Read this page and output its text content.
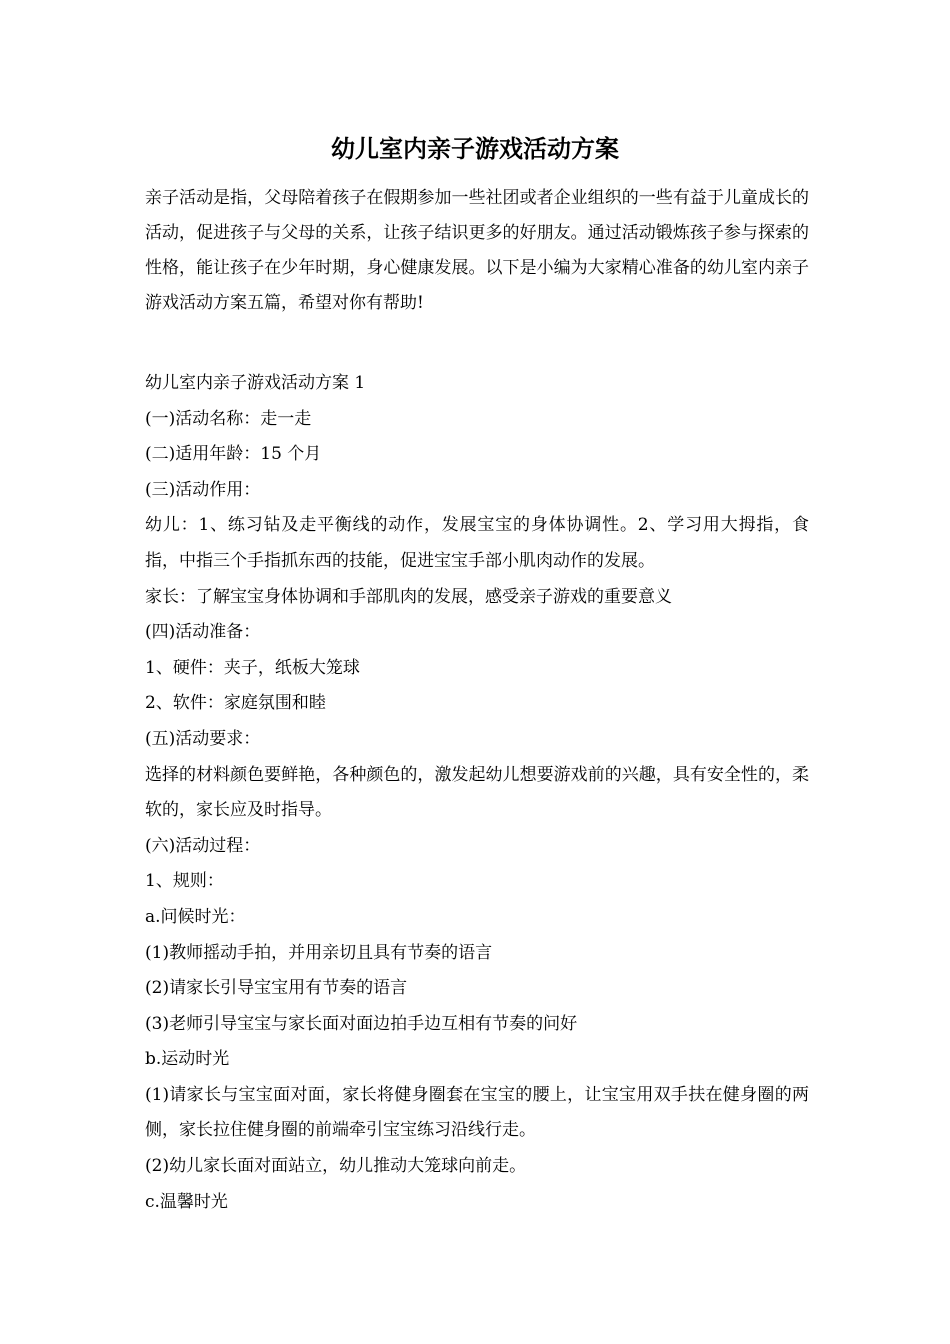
幼儿室内亲子游戏活动方案

亲子活动是指，父母陪着孩子在假期参加一些社团或者企业组织的一些有益于儿童成长的活动，促进孩子与父母的关系，让孩子结识更多的好朋友。通过活动锻炼孩子参与探索的性格，能让孩子在少年时期，身心健康发展。以下是小编为大家精心准备的幼儿室内亲子游戏活动方案五篇，希望对你有帮助!

幼儿室内亲子游戏活动方案 1

(一)活动名称：走一走

(二)适用年龄：15 个月

(三)活动作用：

幼儿：1、练习钻及走平衡线的动作，发展宝宝的身体协调性。2、学习用大拇指，食指，中指三个手指抓东西的技能，促进宝宝手部小肌肉动作的发展。

家长：了解宝宝身体协调和手部肌肉的发展，感受亲子游戏的重要意义

(四)活动准备：

1、硬件：夹子，纸板大笼球

2、软件：家庭氛围和睦

(五)活动要求：

选择的材料颜色要鲜艳，各种颜色的，激发起幼儿想要游戏前的兴趣，具有安全性的，柔软的，家长应及时指导。

(六)活动过程：

1、规则：

a.问候时光：

(1)教师摇动手拍，并用亲切且具有节奏的语言

(2)请家长引导宝宝用有节奏的语言

(3)老师引导宝宝与家长面对面边拍手边互相有节奏的问好

b.运动时光

(1)请家长与宝宝面对面，家长将健身圈套在宝宝的腰上，让宝宝用双手扶在健身圈的两侧，家长拉住健身圈的前端牵引宝宝练习沿线行走。

(2)幼儿家长面对面站立，幼儿推动大笼球向前走。

c.温馨时光
